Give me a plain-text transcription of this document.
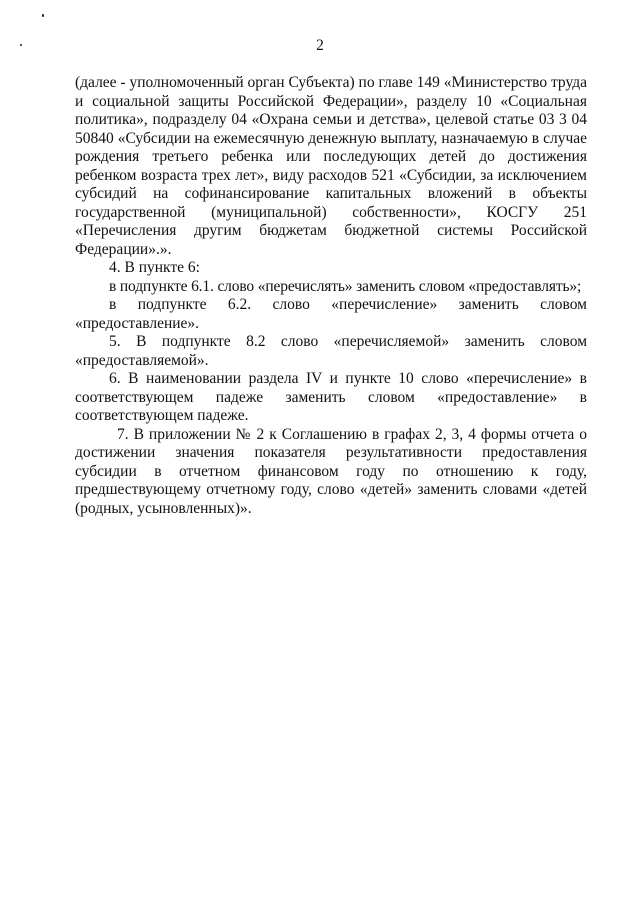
2

(далее - уполномоченный орган Субъекта) по главе 149 «Министерство труда и социальной защиты Российской Федерации», разделу 10 «Социальная политика», подразделу 04 «Охрана семьи и детства», целевой статье 03 3 04 50840 «Субсидии на ежемесячную денежную выплату, назначаемую в случае рождения третьего ребенка или последующих детей до достижения ребенком возраста трех лет», виду расходов 521 «Субсидии, за исключением субсидий на софинансирование капитальных вложений в объекты государственной (муниципальной) собственности», КОСГУ 251 «Перечисления другим бюджетам бюджетной системы Российской Федерации».».

4. В пункте 6:

в подпункте 6.1. слово «перечислять» заменить словом «предоставлять»;

в подпункте 6.2. слово «перечисление» заменить словом «предоставление».

5. В подпункте 8.2 слово «перечисляемой» заменить словом «предоставляемой».

6. В наименовании раздела IV и пункте 10 слово «перечисление» в соответствующем падеже заменить словом «предоставление» в соответствующем падеже.

7. В приложении № 2 к Соглашению в графах 2, 3, 4 формы отчета о достижении значения показателя результативности предоставления субсидии в отчетном финансовом году по отношению к году, предшествующему отчетному году, слово «детей» заменить словами «детей (родных, усыновленных)».
